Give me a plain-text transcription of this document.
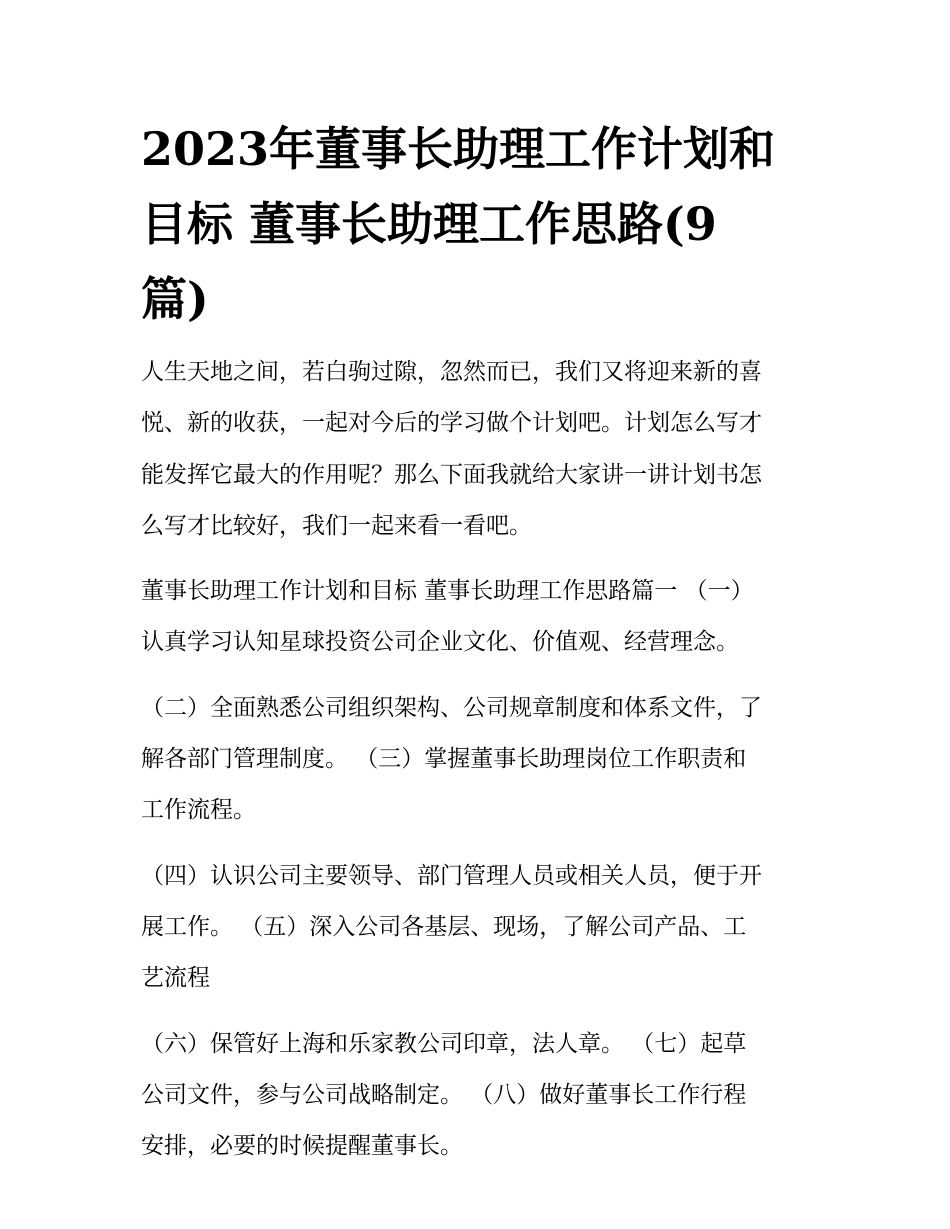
2023年董事长助理工作计划和
目标 董事长助理工作思路(9
篇)

人生天地之间，若白驹过隙，忽然而已，我们又将迎来新的喜
悦、新的收获，一起对今后的学习做个计划吧。计划怎么写才
能发挥它最大的作用呢？那么下面我就给大家讲一讲计划书怎
么写才比较好，我们一起来看一看吧。

董事长助理工作计划和目标 董事长助理工作思路篇一 （一）
认真学习认知星球投资公司企业文化、价值观、经营理念。

（二）全面熟悉公司组织架构、公司规章制度和体系文件，了
解各部门管理制度。 （三）掌握董事长助理岗位工作职责和
工作流程。

（四）认识公司主要领导、部门管理人员或相关人员，便于开
展工作。 （五）深入公司各基层、现场，了解公司产品、工
艺流程

（六）保管好上海和乐家教公司印章，法人章。 （七）起草
公司文件，参与公司战略制定。 （八）做好董事长工作行程
安排，必要的时候提醒董事长。
